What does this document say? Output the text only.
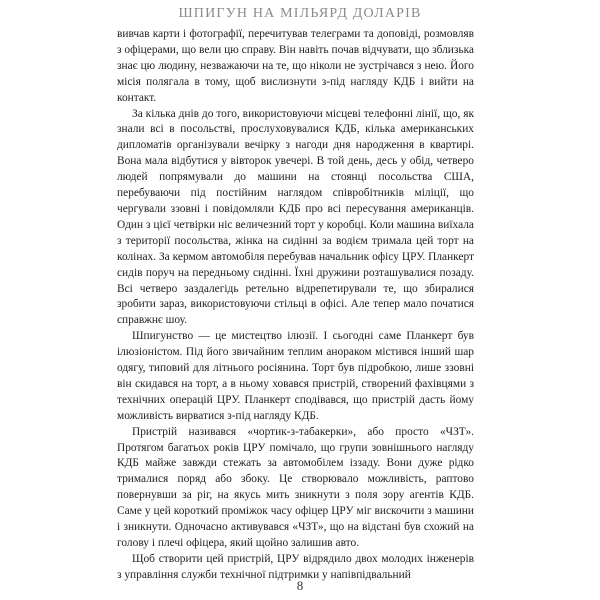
ШПИГУН НА МІЛЬЯРД ДОЛАРІВ

вивчав карти і фотографії, перечитував телеграми та доповіді, розмовляв з офіцерами, що вели цю справу. Він навіть почав відчувати, що зблизька знає цю людину, незважаючи на те, що ніколи не зустрічався з нею. Його місія полягала в тому, щоб вислизнути з-під нагляду КДБ і вийти на контакт.

За кілька днів до того, використовуючи місцеві телефонні лінії, що, як знали всі в посольстві, прослуховувалися КДБ, кілька американських дипломатів організували вечірку з нагоди дня народження в квартирі. Вона мала відбутися у вівторок увечері. В той день, десь у обід, четверо людей попрямували до машини на стоянці посольства США, перебуваючи під постійним наглядом співробітників міліції, що чергували ззовні і повідомляли КДБ про всі пересування американців. Один з цієї четвірки ніс величезний торт у коробці. Коли машина виїхала з території посольства, жінка на сидінні за водієм тримала цей торт на колінах. За кермом автомобіля перебував начальник офісу ЦРУ. Планкерт сидів поруч на передньому сидінні. Їхні дружини розташувалися позаду. Всі четверо заздалегідь ретельно відрепетирували те, що збиралися зробити зараз, використовуючи стільці в офісі. Але тепер мало початися справжнє шоу.

Шпигунство — це мистецтво ілюзії. І сьогодні саме Планкерт був ілюзіоністом. Під його звичайним теплим анораком містився інший шар одягу, типовий для літнього росіянина. Торт був підробкою, лише ззовні він скидався на торт, а в ньому ховався пристрій, створений фахівцями з технічних операцій ЦРУ. Планкерт сподівався, що пристрій дасть йому можливість вирватися з-під нагляду КДБ.

Пристрій називався «чортик-з-табакерки», або просто «ЧЗТ». Протягом багатьох років ЦРУ помічало, що групи зовнішнього нагляду КДБ майже завжди стежать за автомобілем іззаду. Вони дуже рідко трималися поряд або збоку. Це створювало можливість, раптово повернувши за ріг, на якусь мить зникнути з поля зору агентів КДБ. Саме у цей короткий проміжок часу офіцер ЦРУ міг вискочити з машини і зникнути. Одночасно активувався «ЧЗТ», що на відстані був схожий на голову і плечі офіцера, який щойно залишив авто.

Щоб створити цей пристрій, ЦРУ відрядило двох молодих інженерів з управління служби технічної підтримки у напівпідвальний

8
